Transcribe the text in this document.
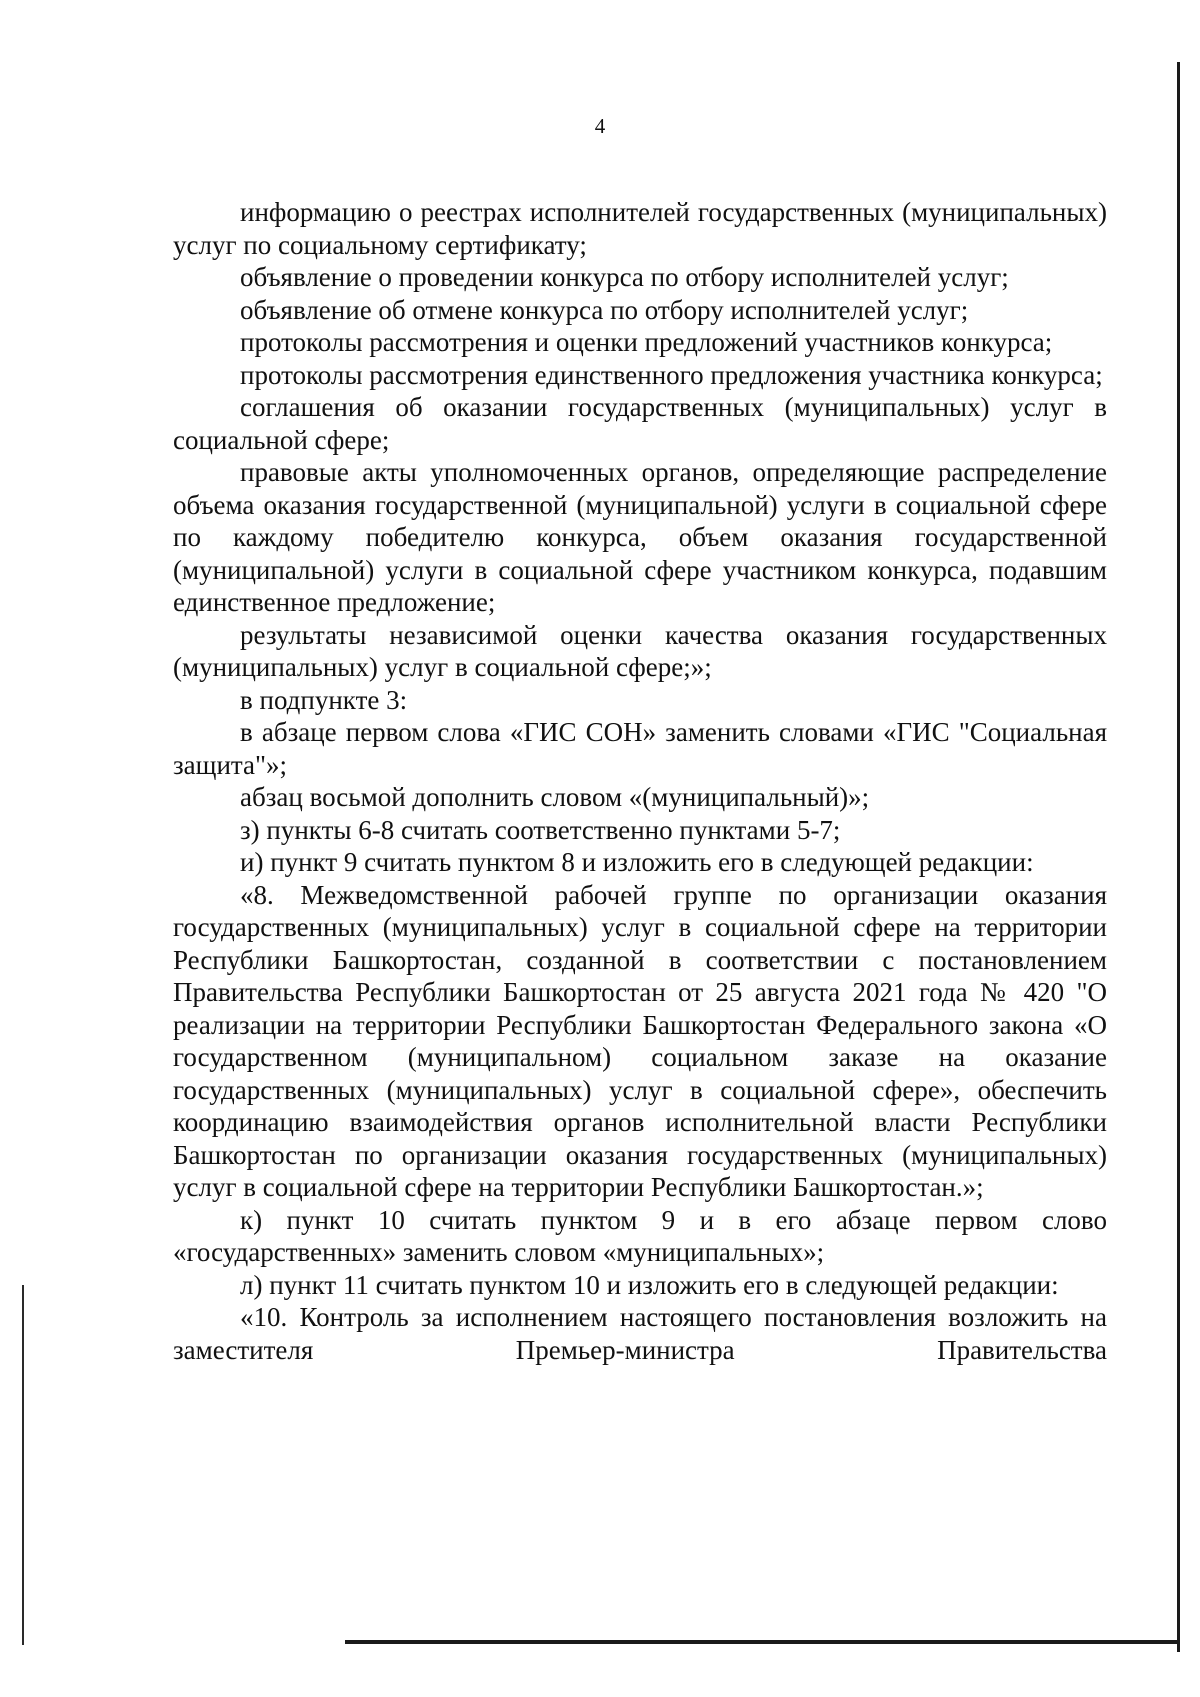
4

информацию о реестрах исполнителей государственных (муниципальных) услуг по социальному сертификату;

объявление о проведении конкурса по отбору исполнителей услуг;

объявление об отмене конкурса по отбору исполнителей услуг;

протоколы рассмотрения и оценки предложений участников конкурса;

протоколы рассмотрения единственного предложения участника конкурса;

соглашения об оказании государственных (муниципальных) услуг в социальной сфере;

правовые акты уполномоченных органов, определяющие распределение объема оказания государственной (муниципальной) услуги в социальной сфере по каждому победителю конкурса, объем оказания государственной (муниципальной) услуги в социальной сфере участником конкурса, подавшим единственное предложение;

результаты независимой оценки качества оказания государственных (муниципальных) услуг в социальной сфере;»;

в подпункте 3:

в абзаце первом слова «ГИС СОН» заменить словами «ГИС "Социальная защита"»;

абзац восьмой дополнить словом «(муниципальный)»;

з) пункты 6-8 считать соответственно пунктами 5-7;

и) пункт 9 считать пунктом 8 и изложить его в следующей редакции:

«8. Межведомственной рабочей группе по организации оказания государственных (муниципальных) услуг в социальной сфере на территории Республики Башкортостан, созданной в соответствии с постановлением Правительства Республики Башкортостан от 25 августа 2021 года № 420 "О реализации на территории Республики Башкортостан Федерального закона «О государственном (муниципальном) социальном заказе на оказание государственных (муниципальных) услуг в социальной сфере», обеспечить координацию взаимодействия органов исполнительной власти Республики Башкортостан по организации оказания государственных (муниципальных) услуг в социальной сфере на территории Республики Башкортостан.»;

к) пункт 10 считать пунктом 9 и в его абзаце первом слово «государственных» заменить словом «муниципальных»;

л) пункт 11 считать пунктом 10 и изложить его в следующей редакции:

«10. Контроль за исполнением настоящего постановления возложить на заместителя Премьер-министра Правительства
